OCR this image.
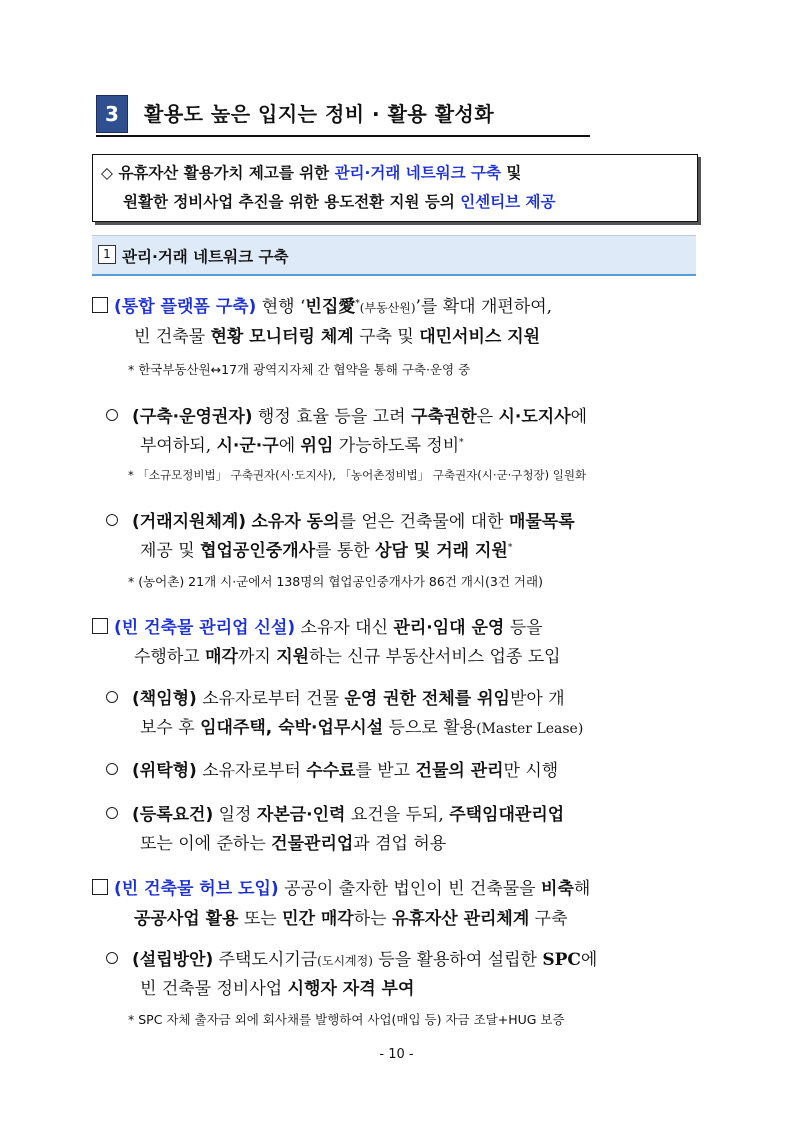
3	활용도 높은 입지는 정비 · 활용 활성화
◇ 유휴자산 활용가치 제고를 위한 관리·거래 네트워크 구축 및
원활한 정비사업 추진을 위한 용도전환 지원 등의 인센티브 제공
1 관리·거래 네트워크 구축
(통합 플랫폼 구축) 현행 ‘빈집愛*(부동산원)’를 확대 개편하여,
빈 건축물 현황 모니터링 체계 구축 및 대민서비스 지원
* 한국부동산원↔17개 광역지자체 간 협약을 통해 구축·운영 중
(구축·운영권자) 행정 효율 등을 고려 구축권한은 시·도지사에
부여하되, 시·군·구에 위임 가능하도록 정비*
* 「소규모정비법」 구축권자(시·도지사), 「농어촌정비법」 구축권자(시·군·구청장) 일원화
(거래지원체계) 소유자 동의를 얻은 건축물에 대한 매물목록
제공 및 협업공인중개사를 통한 상담 및 거래 지원*
* (농어촌) 21개 시·군에서 138명의 협업공인중개사가 86건 개시(3건 거래)
(빈 건축물 관리업 신설) 소유자 대신 관리·임대 운영 등을
수행하고 매각까지 지원하는 신규 부동산서비스 업종 도입
(책임형) 소유자로부터 건물 운영 권한 전체를 위임받아 개
보수 후 임대주택, 숙박·업무시설 등으로 활용(Master Lease)
(위탁형) 소유자로부터 수수료를 받고 건물의 관리만 시행
(등록요건) 일정 자본금·인력 요건을 두되, 주택임대관리업
또는 이에 준하는 건물관리업과 겸업 허용
(빈 건축물 허브 도입) 공공이 출자한 법인이 빈 건축물을 비축해
공공사업 활용 또는 민간 매각하는 유휴자산 관리체계 구축
(설립방안) 주택도시기금(도시계정) 등을 활용하여 설립한 SPC에
빈 건축물 정비사업 시행자 자격 부여
* SPC 자체 출자금 외에 회사채를 발행하여 사업(매입 등) 자금 조달+HUG 보증
- 10 -
